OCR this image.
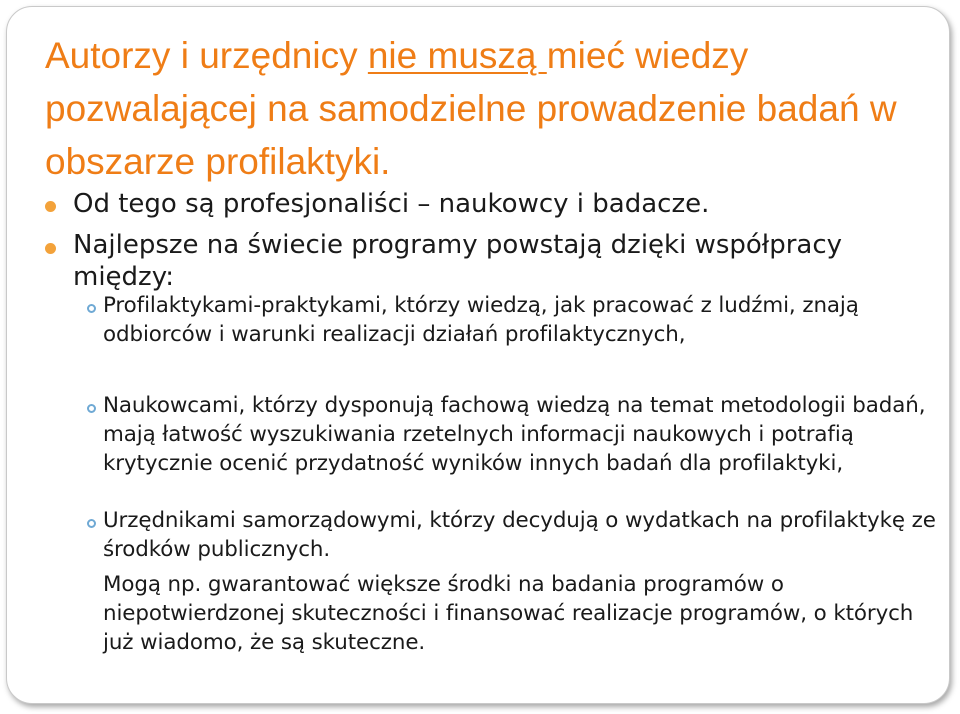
Autorzy i urzędnicy nie muszą mieć wiedzy pozwalającej na samodzielne prowadzenie badań w obszarze profilaktyki.

Od tego są profesjonaliści – naukowcy i badacze.

Najlepsze na świecie programy powstają dzięki współpracy między:

Profilaktykami-praktykami, którzy wiedzą, jak pracować z ludźmi, znają odbiorców i warunki realizacji działań profilaktycznych,

Naukowcami, którzy dysponują fachową wiedzą na temat metodologii badań, mają łatwość wyszukiwania rzetelnych informacji naukowych i potrafią krytycznie ocenić przydatność wyników innych badań dla profilaktyki,

Urzędnikami samorządowymi, którzy decydują o wydatkach na profilaktykę ze środków publicznych.

Mogą np. gwarantować większe środki na badania programów o niepotwierdzonej skuteczności i finansować realizacje programów, o których już wiadomo, że są skuteczne.
